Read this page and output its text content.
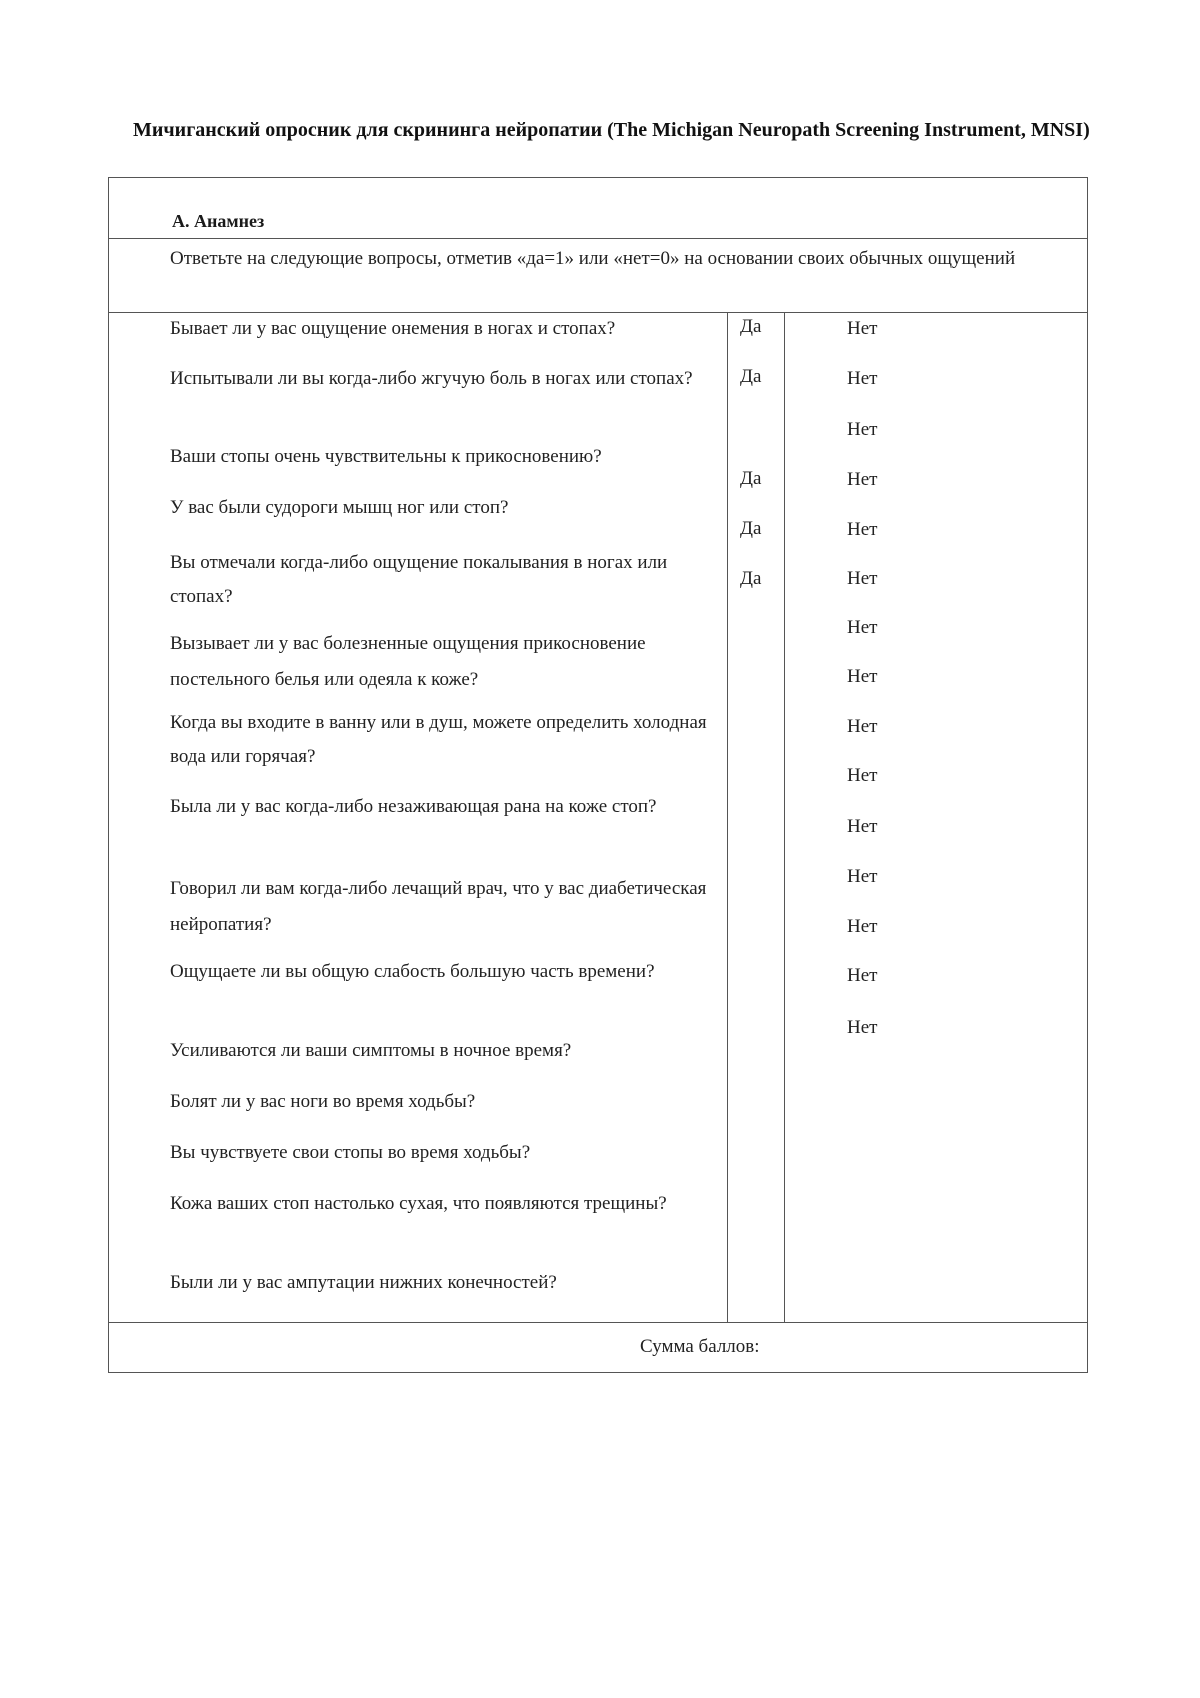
Мичиганский опросник для скрининга нейропатии (The Michigan Neuropath Screening Instrument, MNSI)
А. Анамнез
Ответьте на следующие вопросы, отметив «да=1» или «нет=0» на основании своих обычных ощущений
Бывает ли у вас ощущение онемения в ногах и стопах?
Испытывали ли вы когда-либо жгучую боль в ногах или стопах?
Ваши стопы очень чувствительны к прикосновению?
У вас были судороги мышц ног или стоп?
Вы отмечали когда-либо ощущение покалывания в ногах или стопах?
Вызывает ли у вас болезненные ощущения прикосновение постельного белья или одеяла к коже?
Когда вы входите в ванну или в душ, можете определить холодная вода или горячая?
Была ли у вас когда-либо незаживающая рана на коже стоп?
Говорил ли вам когда-либо лечащий врач, что у вас диабетическая нейропатия?
Ощущаете ли вы общую слабость большую часть времени?
Усиливаются ли ваши симптомы в ночное время?
Болят ли у вас ноги во время ходьбы?
Вы чувствуете свои стопы во время ходьбы?
Кожа ваших стоп настолько сухая, что появляются трещины?
Были ли у вас ампутации нижних конечностей?
Да
Да
Да
Да
Да
Нет
Нет
Нет
Нет
Нет
Нет
Нет
Нет
Нет
Нет
Нет
Нет
Нет
Нет
Нет
Сумма баллов:
